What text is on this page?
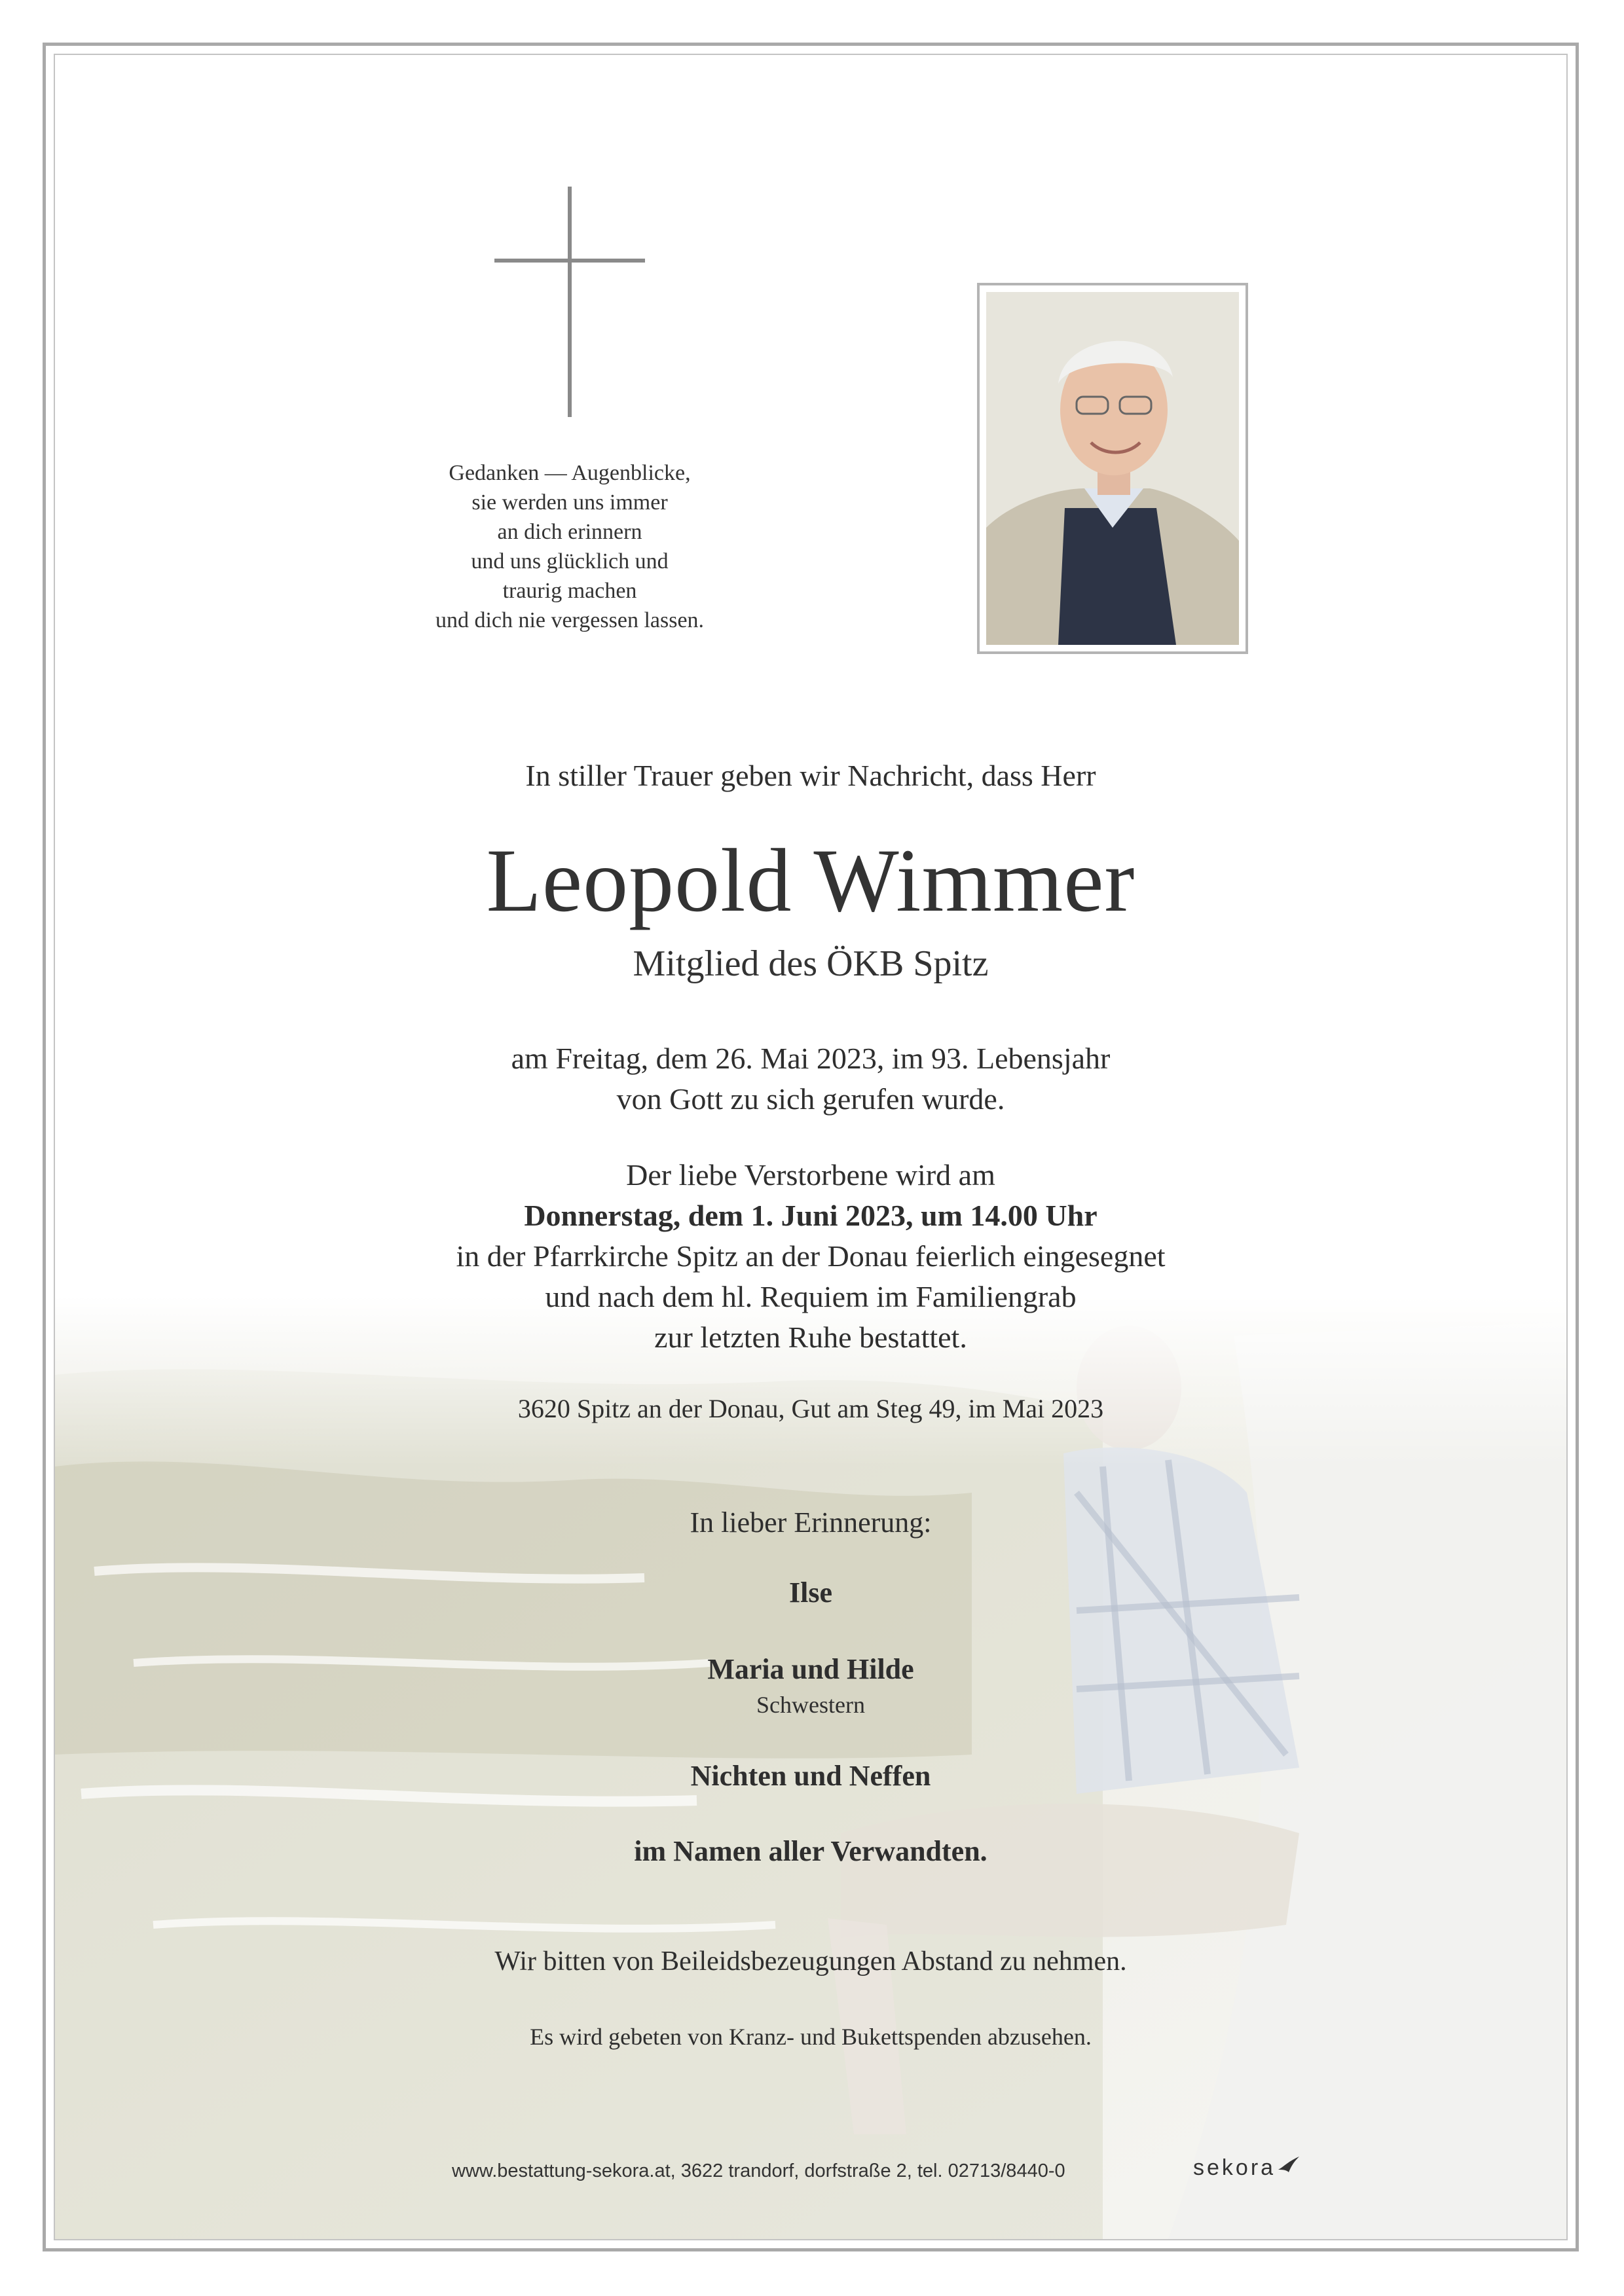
Gedanken — Augenblicke,
sie werden uns immer
an dich erinnern
und uns glücklich und
traurig machen
und dich nie vergessen lassen.
In stiller Trauer geben wir Nachricht, dass Herr
Leopold Wimmer
Mitglied des ÖKB Spitz
am Freitag, dem 26. Mai 2023, im 93. Lebensjahr
von Gott zu sich gerufen wurde.
Der liebe Verstorbene wird am
Donnerstag, dem 1. Juni 2023, um 14.00 Uhr
in der Pfarrkirche Spitz an der Donau feierlich eingesegnet
und nach dem hl. Requiem im Familiengrab
zur letzten Ruhe bestattet.
3620 Spitz an der Donau, Gut am Steg 49, im Mai 2023
In lieber Erinnerung:
Ilse
Maria und Hilde
Schwestern
Nichten und Neffen
im Namen aller Verwandten.
Wir bitten von Beileidsbezeugungen Abstand zu nehmen.
Es wird gebeten von Kranz- und Bukettspenden abzusehen.
www.bestattung-sekora.at, 3622 trandorf, dorfstraße 2, tel. 02713/8440-0	sekora
